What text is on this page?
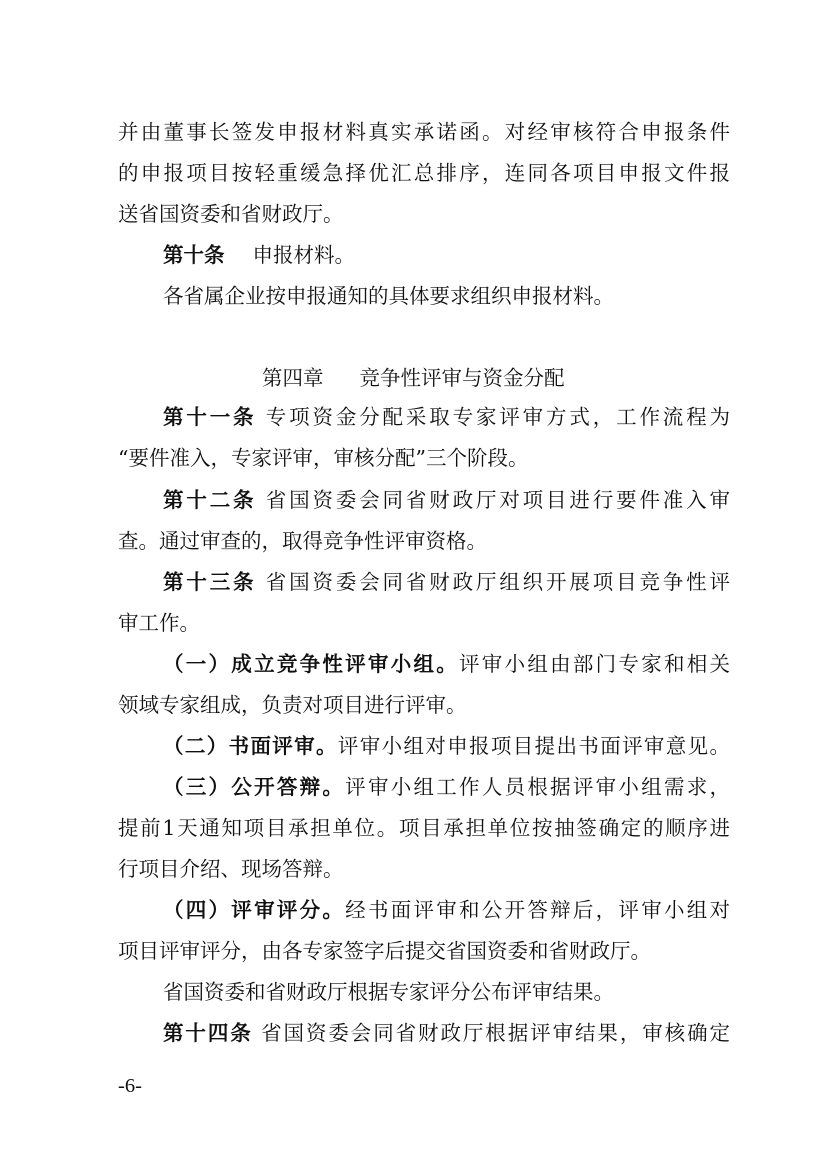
并由董事长签发申报材料真实承诺函。对经审核符合申报条件
的申报项目按轻重缓急择优汇总排序，连同各项目申报文件报
送省国资委和省财政厅。
第十条 申报材料。
各省属企业按申报通知的具体要求组织申报材料。
第四章 竞争性评审与资金分配
第十一条 专项资金分配采取专家评审方式，工作流程为
“要件准入，专家评审，审核分配”三个阶段。
第十二条 省国资委会同省财政厅对项目进行要件准入审
查。通过审查的，取得竞争性评审资格。
第十三条 省国资委会同省财政厅组织开展项目竞争性评
审工作。
（一）成立竞争性评审小组。评审小组由部门专家和相关
领域专家组成，负责对项目进行评审。
（二）书面评审。评审小组对申报项目提出书面评审意见。
（三）公开答辩。评审小组工作人员根据评审小组需求，
提前1天通知项目承担单位。项目承担单位按抽签确定的顺序进
行项目介绍、现场答辩。
（四）评审评分。经书面评审和公开答辩后，评审小组对
项目评审评分，由各专家签字后提交省国资委和省财政厅。
省国资委和省财政厅根据专家评分公布评审结果。
第十四条 省国资委会同省财政厅根据评审结果，审核确定
-6-
